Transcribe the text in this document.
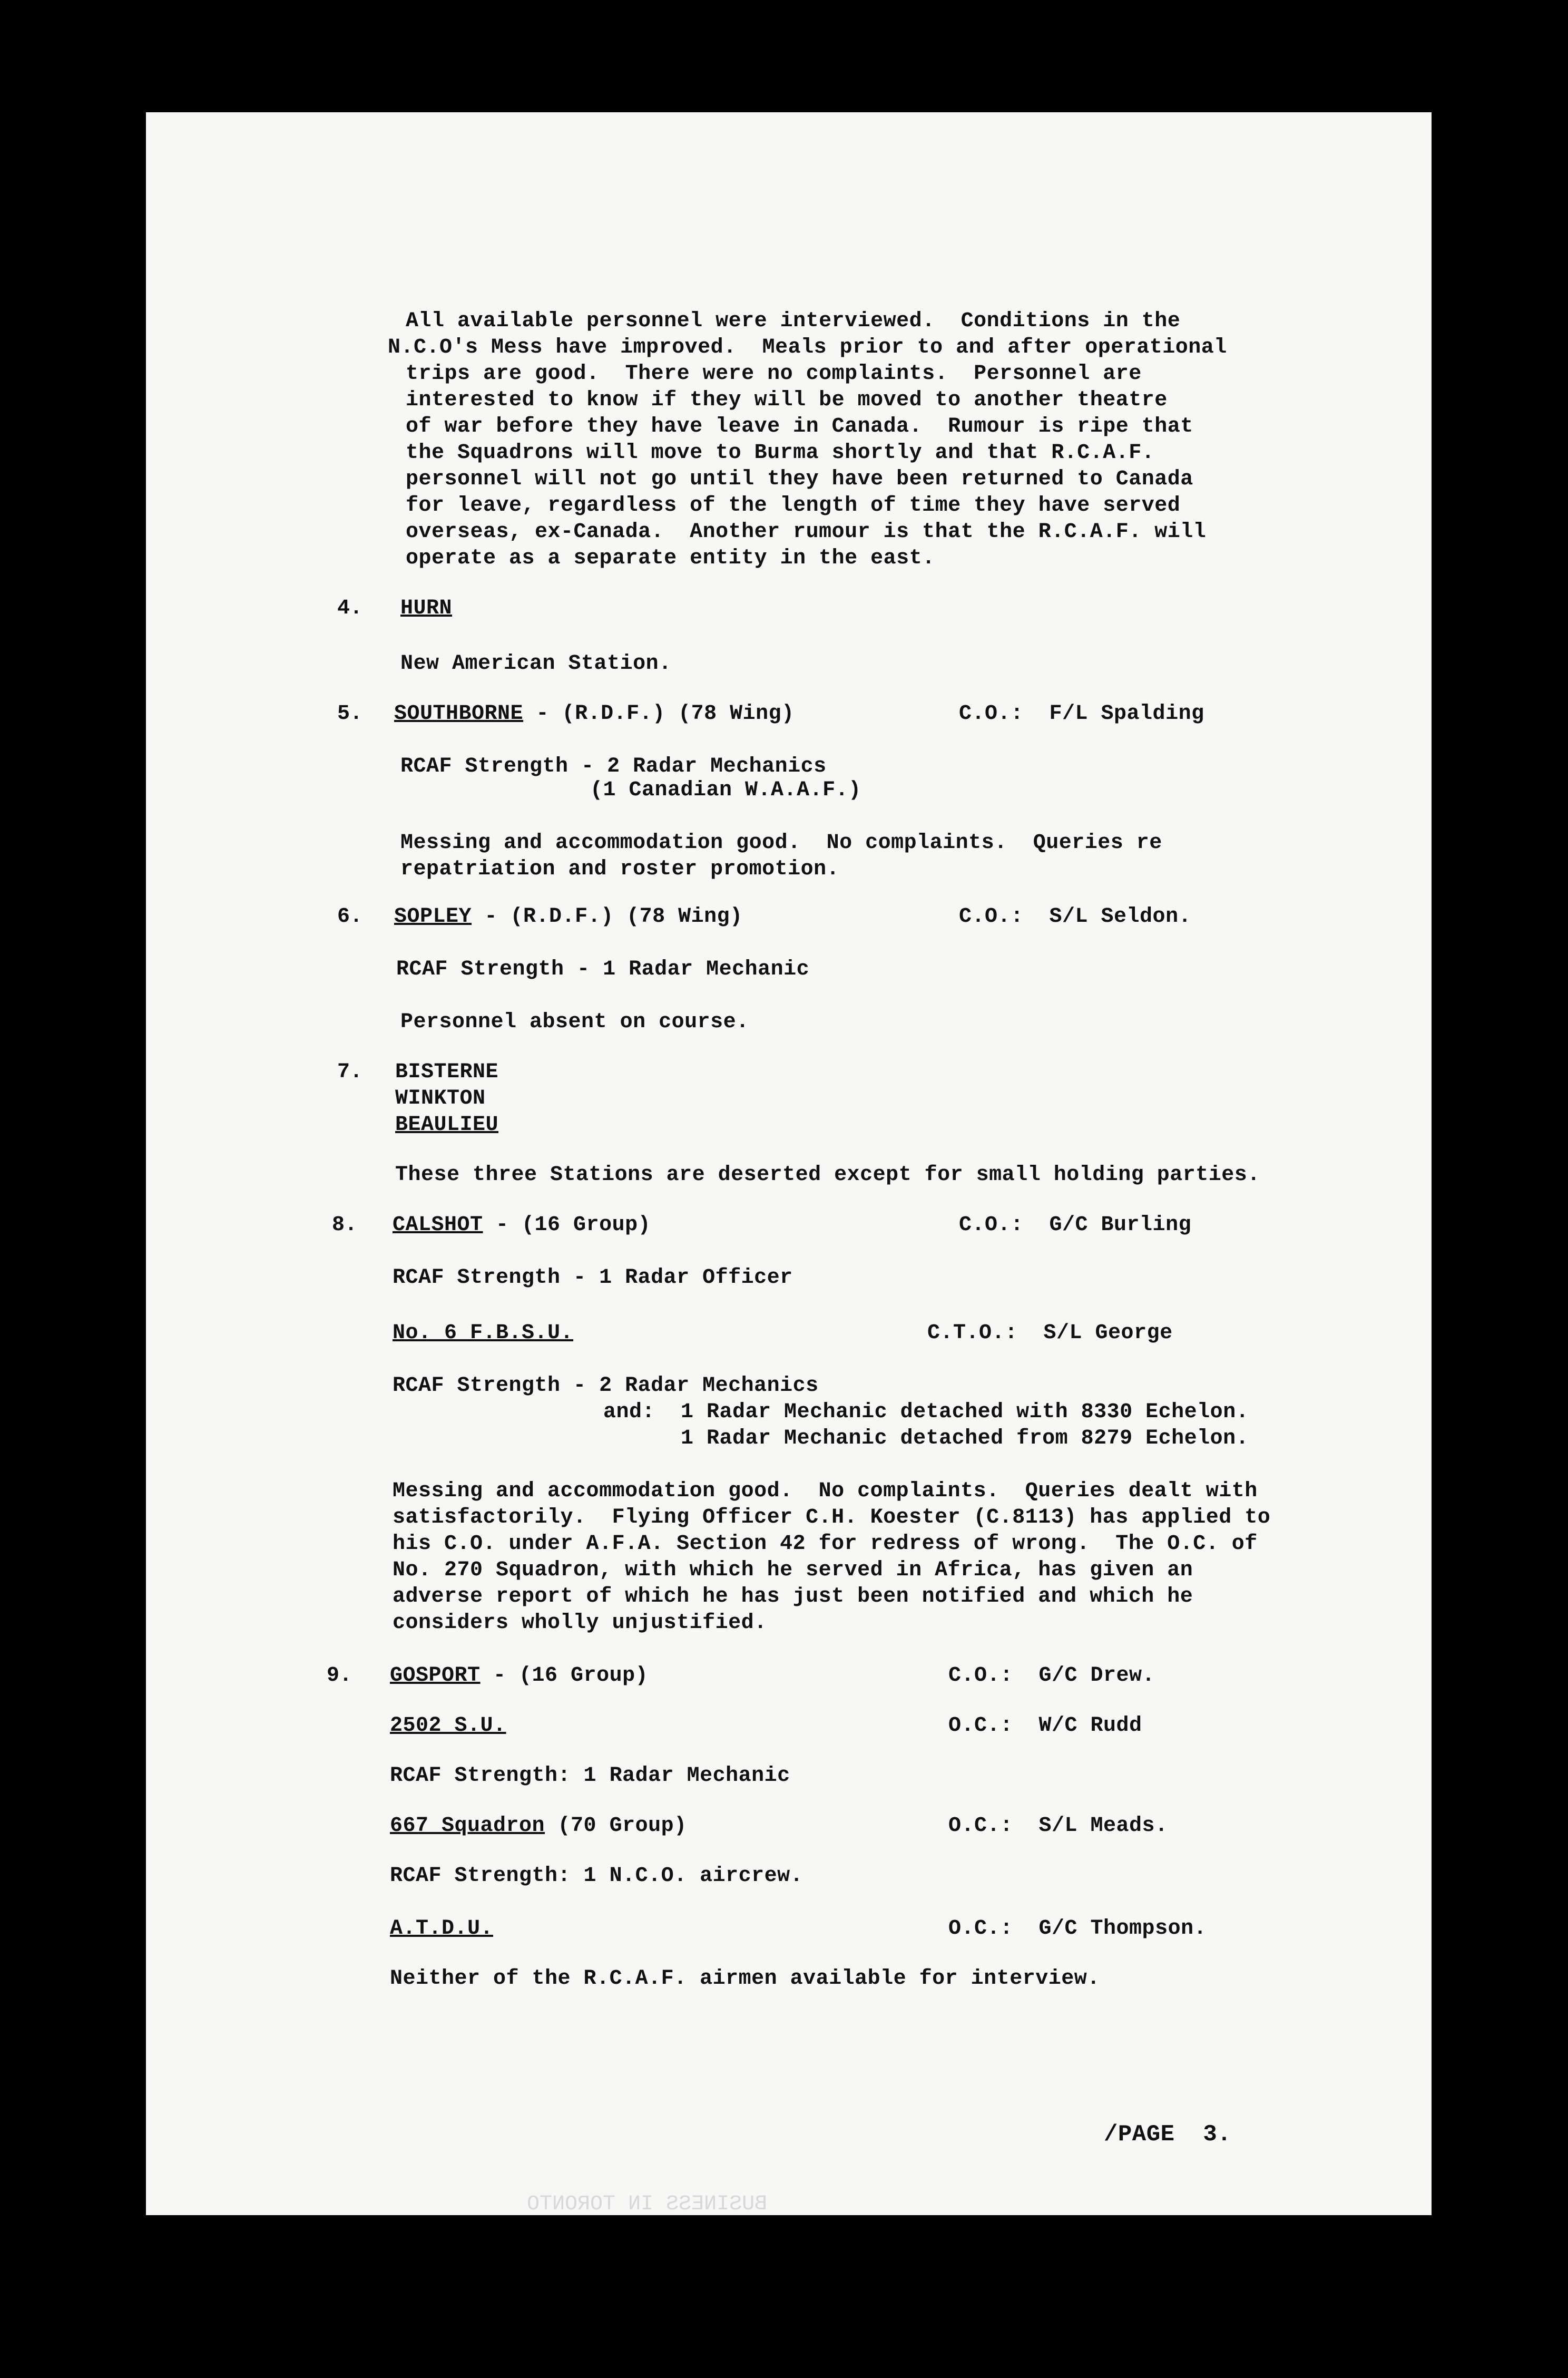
All available personnel were interviewed.  Conditions in the
N.C.O's Mess have improved.  Meals prior to and after operational
trips are good.  There were no complaints.  Personnel are
interested to know if they will be moved to another theatre
of war before they have leave in Canada.  Rumour is ripe that
the Squadrons will move to Burma shortly and that R.C.A.F.
personnel will not go until they have been returned to Canada
for leave, regardless of the length of time they have served
overseas, ex-Canada.  Another rumour is that the R.C.A.F. will
operate as a separate entity in the east.
4. HURN
New American Station.
5. SOUTHBORNE - (R.D.F.) (78 Wing)	C.O.:  F/L Spalding
RCAF Strength - 2 Radar Mechanics
(1 Canadian W.A.A.F.)
Messing and accommodation good.  No complaints.  Queries re
repatriation and roster promotion.
6. SOPLEY - (R.D.F.) (78 Wing)	C.O.:  S/L Seldon.
RCAF Strength - 1 Radar Mechanic
Personnel absent on course.
7. BISTERNE
WINKTON
BEAULIEU
These three Stations are deserted except for small holding parties.
8. CALSHOT - (16 Group)	C.O.:  G/C Burling
RCAF Strength - 1 Radar Officer
No. 6 F.B.S.U.	C.T.O.:  S/L George
RCAF Strength - 2 Radar Mechanics
and:  1 Radar Mechanic detached with 8330 Echelon.
1 Radar Mechanic detached from 8279 Echelon.
Messing and accommodation good.  No complaints.  Queries dealt with
satisfactorily.  Flying Officer C.H. Koester (C.8113) has applied to
his C.O. under A.F.A. Section 42 for redress of wrong.  The O.C. of
No. 270 Squadron, with which he served in Africa, has given an
adverse report of which he has just been notified and which he
considers wholly unjustified.
9. GOSPORT - (16 Group)	C.O.:  G/C Drew.
2502 S.U.	O.C.:  W/C Rudd
RCAF Strength: 1 Radar Mechanic
667 Squadron (70 Group)	O.C.:  S/L Meads.
RCAF Strength: 1 N.C.O. aircrew.
A.T.D.U.	O.C.:  G/C Thompson.
Neither of the R.C.A.F. airmen available for interview.
/PAGE  3.
BUSINESS IN TORONTO
